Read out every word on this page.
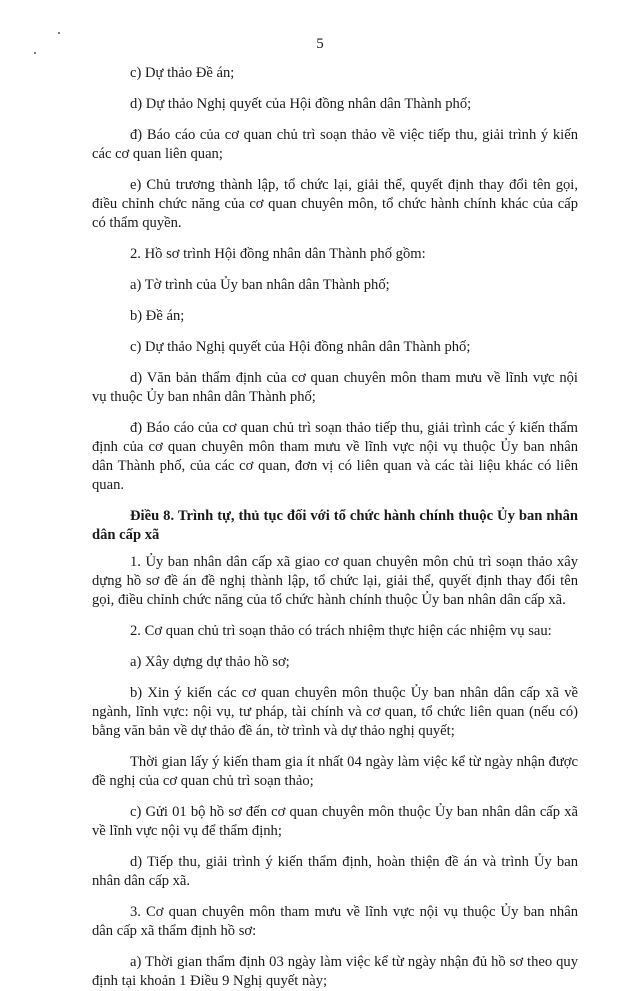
5

c) Dự thảo Đề án;

d) Dự thảo Nghị quyết của Hội đồng nhân dân Thành phố;

đ) Báo cáo của cơ quan chủ trì soạn thảo về việc tiếp thu, giải trình ý kiến các cơ quan liên quan;

e) Chủ trương thành lập, tổ chức lại, giải thể, quyết định thay đổi tên gọi, điều chỉnh chức năng của cơ quan chuyên môn, tổ chức hành chính khác của cấp có thẩm quyền.

2. Hồ sơ trình Hội đồng nhân dân Thành phố gồm:

a) Tờ trình của Ủy ban nhân dân Thành phố;

b) Đề án;

c) Dự thảo Nghị quyết của Hội đồng nhân dân Thành phố;

d) Văn bản thẩm định của cơ quan chuyên môn tham mưu về lĩnh vực nội vụ thuộc Ủy ban nhân dân Thành phố;

đ) Báo cáo của cơ quan chủ trì soạn thảo tiếp thu, giải trình các ý kiến thẩm định của cơ quan chuyên môn tham mưu về lĩnh vực nội vụ thuộc Ủy ban nhân dân Thành phố, của các cơ quan, đơn vị có liên quan và các tài liệu khác có liên quan.

Điều 8. Trình tự, thủ tục đối với tổ chức hành chính thuộc Ủy ban nhân dân cấp xã

1. Ủy ban nhân dân cấp xã giao cơ quan chuyên môn chủ trì soạn thảo xây dựng hồ sơ đề án đề nghị thành lập, tổ chức lại, giải thể, quyết định thay đổi tên gọi, điều chỉnh chức năng của tổ chức hành chính thuộc Ủy ban nhân dân cấp xã.

2. Cơ quan chủ trì soạn thảo có trách nhiệm thực hiện các nhiệm vụ sau:

a) Xây dựng dự thảo hồ sơ;

b) Xin ý kiến các cơ quan chuyên môn thuộc Ủy ban nhân dân cấp xã về ngành, lĩnh vực: nội vụ, tư pháp, tài chính và cơ quan, tổ chức liên quan (nếu có) bằng văn bản về dự thảo đề án, tờ trình và dự thảo nghị quyết;

Thời gian lấy ý kiến tham gia ít nhất 04 ngày làm việc kể từ ngày nhận được đề nghị của cơ quan chủ trì soạn thảo;

c) Gửi 01 bộ hồ sơ đến cơ quan chuyên môn thuộc Ủy ban nhân dân cấp xã về lĩnh vực nội vụ để thẩm định;

d) Tiếp thu, giải trình ý kiến thẩm định, hoàn thiện đề án và trình Ủy ban nhân dân cấp xã.

3. Cơ quan chuyên môn tham mưu về lĩnh vực nội vụ thuộc Ủy ban nhân dân cấp xã thẩm định hồ sơ:

a) Thời gian thẩm định 03 ngày làm việc kể từ ngày nhận đủ hồ sơ theo quy định tại khoản 1 Điều 9 Nghị quyết này;
